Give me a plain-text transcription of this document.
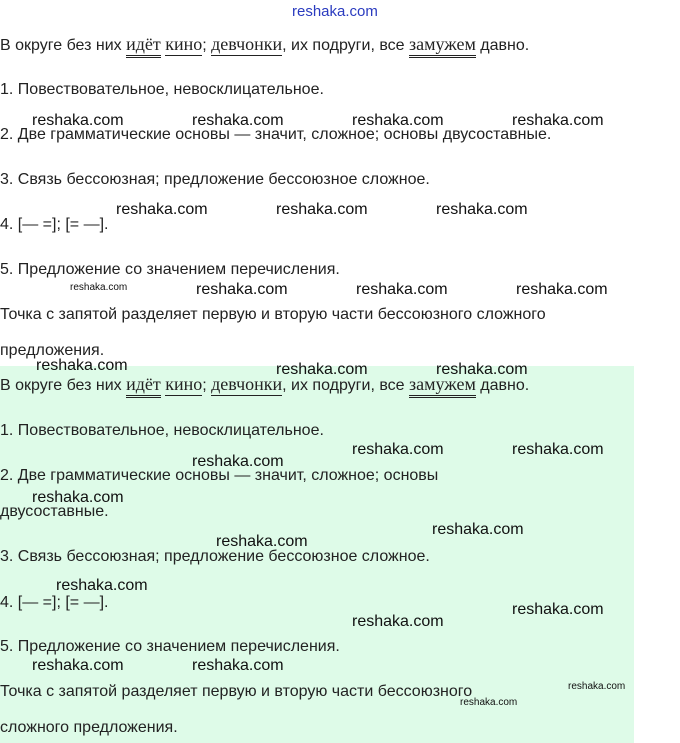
reshaka.com
В округе без них идёт кино; девчонки, их подруги, все замужем давно.
1. Повествовательное, невосклицательное.
2. Две грамматические основы — значит, сложное; основы двусоставные.
3. Связь бессоюзная; предложение бессоюзное сложное.
4. [— =]; [= —].
5. Предложение со значением перечисления.
Точка с запятой разделяет первую и вторую части бессоюзного сложного
предложения.
В округе без них идёт кино; девчонки, их подруги, все замужем давно.
1. Повествовательное, невосклицательное.
2. Две грамматические основы — значит, сложное; основы
двусоставные.
3. Связь бессоюзная; предложение бессоюзное сложное.
4. [— =]; [= —].
5. Предложение со значением перечисления.
Точка с запятой разделяет первую и вторую части бессоюзного
сложного предложения.
reshaka.com	reshaka.com	reshaka.com	reshaka.com
reshaka.com	reshaka.com	reshaka.com
reshaka.com	reshaka.com	reshaka.com	reshaka.com
reshaka.com	reshaka.com	reshaka.com
reshaka.com	reshaka.com
reshaka.com
reshaka.com
reshaka.com
reshaka.com
reshaka.com
reshaka.com
reshaka.com
reshaka.com	reshaka.com
reshaka.com
reshaka.com
